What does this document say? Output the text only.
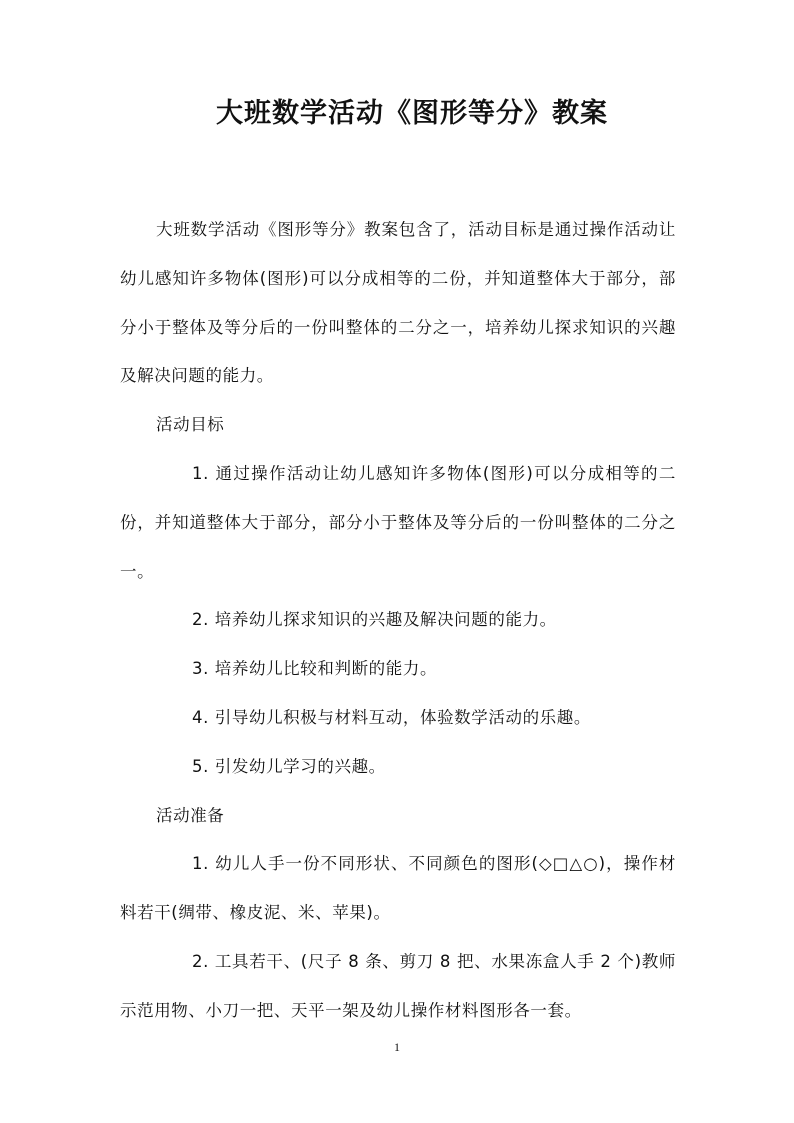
大班数学活动《图形等分》教案

大班数学活动《图形等分》教案包含了，活动目标是通过操作活动让幼儿感知许多物体(图形)可以分成相等的二份，并知道整体大于部分，部分小于整体及等分后的一份叫整体的二分之一，培养幼儿探求知识的兴趣及解决问题的能力。

活动目标

1. 通过操作活动让幼儿感知许多物体(图形)可以分成相等的二份，并知道整体大于部分，部分小于整体及等分后的一份叫整体的二分之一。

2. 培养幼儿探求知识的兴趣及解决问题的能力。

3. 培养幼儿比较和判断的能力。

4. 引导幼儿积极与材料互动，体验数学活动的乐趣。

5. 引发幼儿学习的兴趣。

活动准备

1. 幼儿人手一份不同形状、不同颜色的图形(◇□△○)，操作材料若干(绸带、橡皮泥、米、苹果)。

2. 工具若干、(尺子 8 条、剪刀 8 把、水果冻盒人手 2 个)教师示范用物、小刀一把、天平一架及幼儿操作材料图形各一套。

1
